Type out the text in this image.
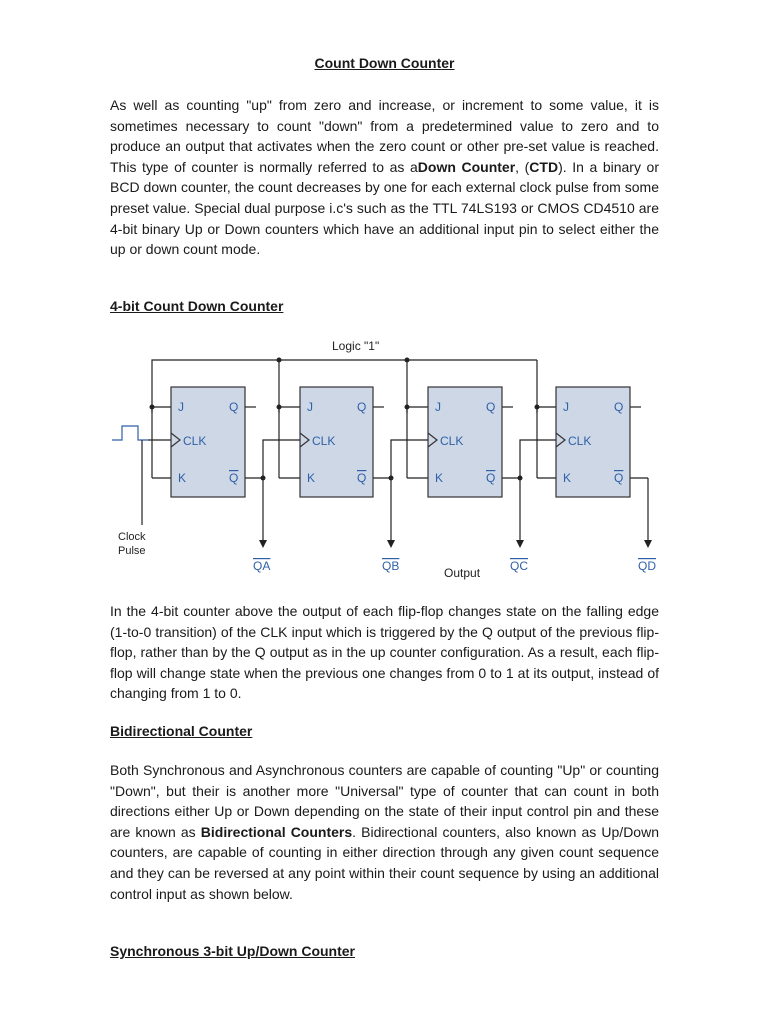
Count Down Counter

As well as counting "up" from zero and increase, or increment to some value, it is sometimes necessary to count "down" from a predetermined value to zero and to produce an output that activates when the zero count or other pre-set value is reached. This type of counter is normally referred to as aDown Counter, (CTD). In a binary or BCD down counter, the count decreases by one for each external clock pulse from some preset value. Special dual purpose i.c's such as the TTL 74LS193 or CMOS CD4510 are 4-bit binary Up or Down counters which have an additional input pin to select either the up or down count mode.

4-bit Count Down Counter

In the 4-bit counter above the output of each flip-flop changes state on the falling edge (1-to-0 transition) of the CLK input which is triggered by the Q output of the previous flip-flop, rather than by the Q output as in the up counter configuration. As a result, each flip-flop will change state when the previous one changes from 0 to 1 at its output, instead of changing from 1 to 0.

Bidirectional Counter

Both Synchronous and Asynchronous counters are capable of counting "Up" or counting "Down", but their is another more "Universal" type of counter that can count in both directions either Up or Down depending on the state of their input control pin and these are known as Bidirectional Counters. Bidirectional counters, also known as Up/Down counters, are capable of counting in either direction through any given count sequence and they can be reversed at any point within their count sequence by using an additional control input as shown below.

Synchronous 3-bit Up/Down Counter
J
CLK
K
Q
Q
J
CLK
K
Q
Q
J
CLK
K
Q
Q
J
CLK
K
Q
Q
Logic "1"
Clock
Pulse
Output
QA	QB	QC	QD
